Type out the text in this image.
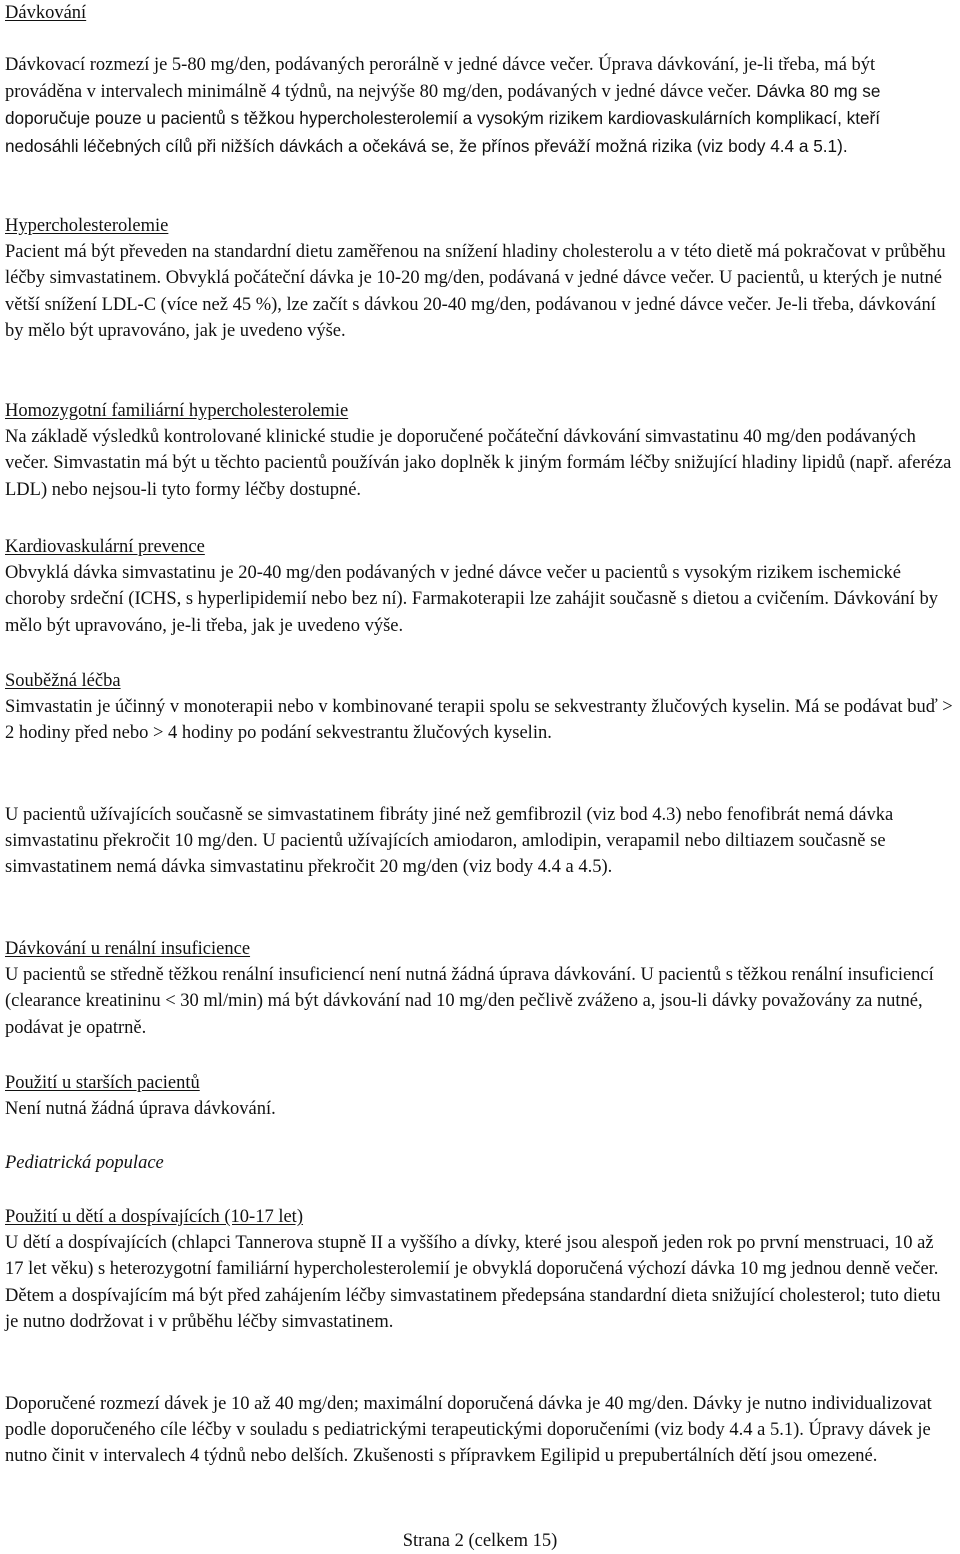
Dávkování
Dávkovací rozmezí je 5-80 mg/den, podávaných perorálně v jedné dávce večer. Úprava dávkování, je-li třeba, má být prováděna v intervalech minimálně 4 týdnů, na nejvýše 80 mg/den, podávaných v jedné dávce večer. Dávka 80 mg se doporučuje pouze u pacientů s těžkou hypercholesterolemií a vysokým rizikem kardiovaskulárních komplikací, kteří nedosáhli léčebných cílů při nižších dávkách a očekává se, že přínos převáží možná rizika (viz body 4.4 a 5.1).
Hypercholesterolemie
Pacient má být převeden na standardní dietu zaměřenou na snížení hladiny cholesterolu a v této dietě má pokračovat v průběhu léčby simvastatinem. Obvyklá počáteční dávka je 10-20 mg/den, podávaná v jedné dávce večer. U pacientů, u kterých je nutné větší snížení LDL-C (více než 45 %), lze začít s dávkou 20-40 mg/den, podávanou v jedné dávce večer. Je-li třeba, dávkování by mělo být upravováno, jak je uvedeno výše.
Homozygotní familiární hypercholesterolemie
Na základě výsledků kontrolované klinické studie je doporučené počáteční dávkování simvastatinu 40 mg/den podávaných večer. Simvastatin má být u těchto pacientů používán jako doplněk k jiným formám léčby snižující hladiny lipidů (např. aferéza LDL) nebo nejsou-li tyto formy léčby dostupné.
Kardiovaskulární prevence
Obvyklá dávka simvastatinu je 20-40 mg/den podávaných v jedné dávce večer u pacientů s vysokým rizikem ischemické choroby srdeční (ICHS, s hyperlipidemií nebo bez ní). Farmakoterapii lze zahájit současně s dietou a cvičením. Dávkování by mělo být upravováno, je-li třeba, jak je uvedeno výše.
Souběžná léčba
Simvastatin je účinný v monoterapii nebo v kombinované terapii spolu se sekvestranty žlučových kyselin. Má se podávat buď > 2 hodiny před nebo > 4 hodiny po podání sekvestrantu žlučových kyselin.
U pacientů užívajících současně se simvastatinem fibráty jiné než gemfibrozil (viz bod 4.3) nebo fenofibrát nemá dávka simvastatinu překročit 10 mg/den. U pacientů užívajících amiodaron, amlodipin, verapamil nebo diltiazem současně se simvastatinem nemá dávka simvastatinu překročit 20 mg/den (viz body 4.4 a 4.5).
Dávkování u renální insuficience
U pacientů se středně těžkou renální insuficiencí není nutná žádná úprava dávkování. U pacientů s těžkou renální insuficiencí (clearance kreatininu < 30 ml/min) má být dávkování nad 10 mg/den pečlivě zváženo a, jsou-li dávky považovány za nutné, podávat je opatrně.
Použití u starších pacientů
Není nutná žádná úprava dávkování.
Pediatrická populace
Použití u dětí a dospívajících (10-17 let)
U dětí a dospívajících (chlapci Tannerova stupně II a vyššího a dívky, které jsou alespoň jeden rok po první menstruaci, 10 až 17 let věku) s heterozygotní familiární hypercholesterolemií je obvyklá doporučená výchozí dávka 10 mg jednou denně večer. Dětem a dospívajícím má být před zahájením léčby simvastatinem předepsána standardní dieta snižující cholesterol; tuto dietu je nutno dodržovat i v průběhu léčby simvastatinem.
Doporučené rozmezí dávek je 10 až 40 mg/den; maximální doporučená dávka je 40 mg/den. Dávky je nutno individualizovat podle doporučeného cíle léčby v souladu s pediatrickými terapeutickými doporučeními (viz body 4.4 a 5.1). Úpravy dávek je nutno činit v intervalech 4 týdnů nebo delších. Zkušenosti s přípravkem Egilipid u prepubertálních dětí jsou omezené.
Strana 2 (celkem 15)
